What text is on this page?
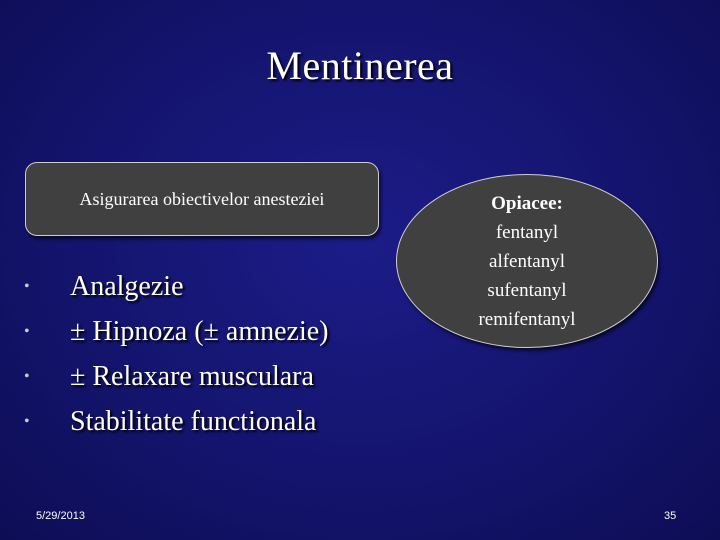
Mentinerea
Asigurarea obiectivelor anesteziei	Opiacee:
fentanyl
alfentanyl
sufentanyl
remifentanyl
•	Analgezie
•	± Hipnoza (± amnezie)
•	± Relaxare musculara
•	Stabilitate functionala
5/29/2013	35
